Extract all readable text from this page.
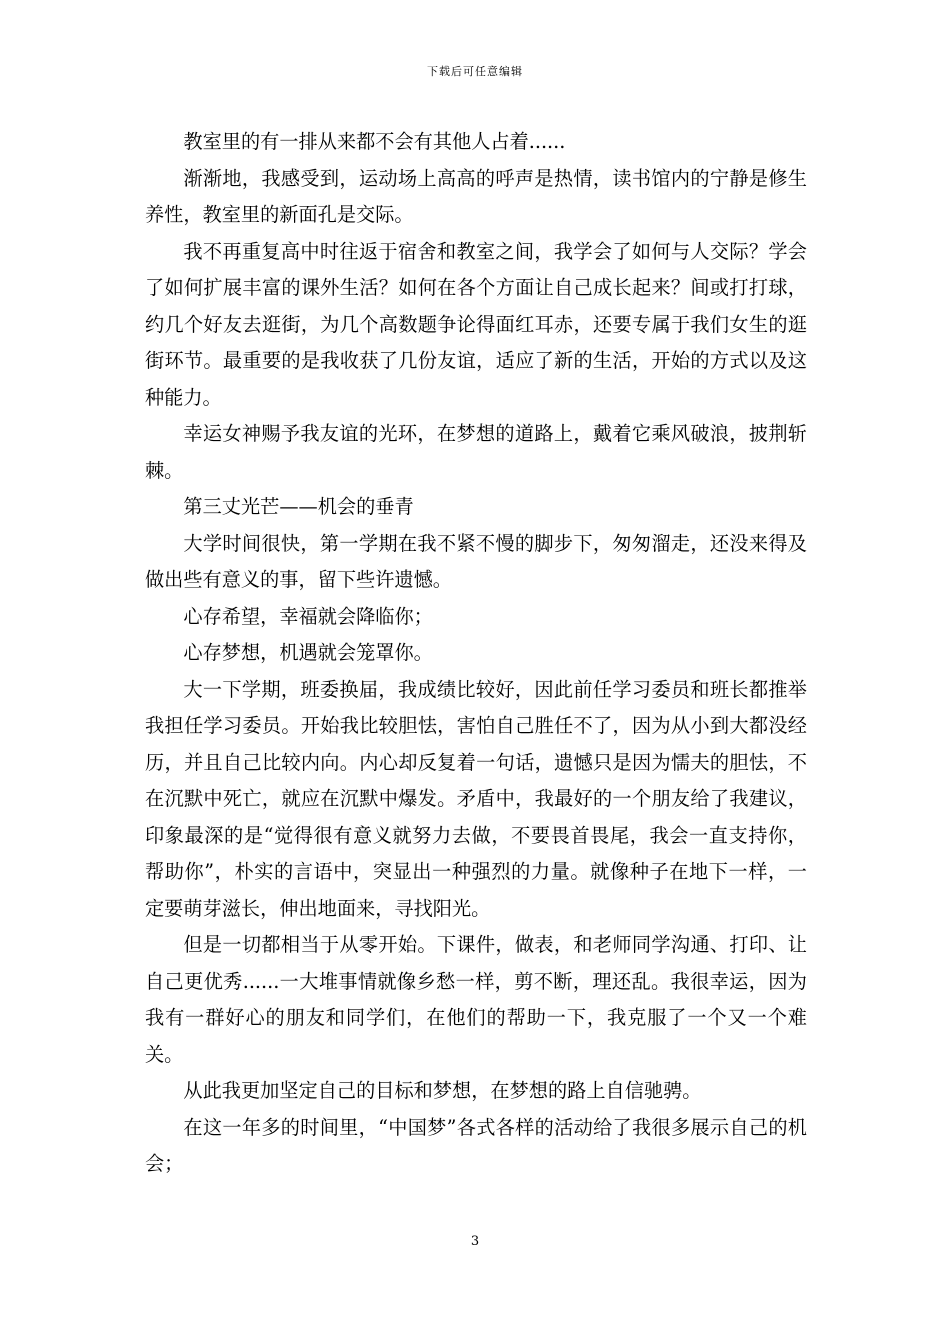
下载后可任意编辑

教室里的有一排从来都不会有其他人占着......

渐渐地，我感受到，运动场上高高的呼声是热情，读书馆内的宁静是修生养性，教室里的新面孔是交际。

我不再重复高中时往返于宿舍和教室之间，我学会了如何与人交际？学会了如何扩展丰富的课外生活？如何在各个方面让自己成长起来？间或打打球，约几个好友去逛街，为几个高数题争论得面红耳赤，还要专属于我们女生的逛街环节。最重要的是我收获了几份友谊，适应了新的生活，开始的方式以及这种能力。

幸运女神赐予我友谊的光环，在梦想的道路上，戴着它乘风破浪，披荆斩棘。

第三丈光芒——机会的垂青

大学时间很快，第一学期在我不紧不慢的脚步下，匆匆溜走，还没来得及做出些有意义的事，留下些许遗憾。

心存希望，幸福就会降临你；

心存梦想，机遇就会笼罩你。

大一下学期，班委换届，我成绩比较好，因此前任学习委员和班长都推举我担任学习委员。开始我比较胆怯，害怕自己胜任不了，因为从小到大都没经历，并且自己比较内向。内心却反复着一句话，遗憾只是因为懦夫的胆怯，不在沉默中死亡，就应在沉默中爆发。矛盾中，我最好的一个朋友给了我建议，印象最深的是“觉得很有意义就努力去做，不要畏首畏尾，我会一直支持你，帮助你”，朴实的言语中，突显出一种强烈的力量。就像种子在地下一样，一定要萌芽滋长，伸出地面来，寻找阳光。

但是一切都相当于从零开始。下课件，做表，和老师同学沟通、打印、让自己更优秀......一大堆事情就像乡愁一样，剪不断，理还乱。我很幸运，因为我有一群好心的朋友和同学们，在他们的帮助一下，我克服了一个又一个难关。

从此我更加坚定自己的目标和梦想，在梦想的路上自信驰骋。

在这一年多的时间里，“中国梦”各式各样的活动给了我很多展示自己的机会；

3
